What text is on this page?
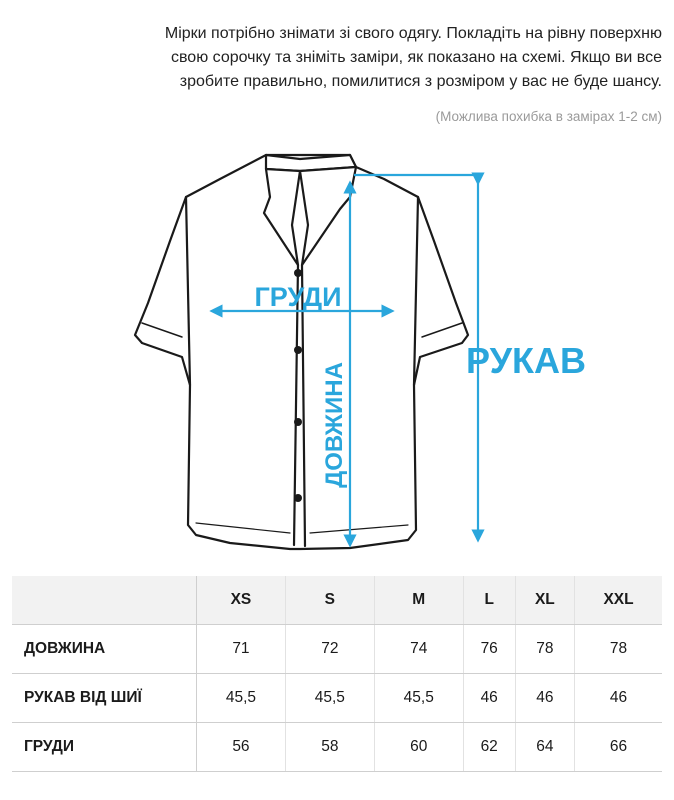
Мірки потрібно знімати зі свого одягу. Покладіть на рівну поверхню
свою сорочку та зніміть заміри, як показано на схемі. Якщо ви все
зробите правильно, помилитися з розміром у вас не буде шансу.
(Можлива похибка в замірах 1-2 см)
ГРУДИ
ДОВЖИНА
РУКАВ
	XS	S	M	L	XL	XXL
ДОВЖИНА	71	72	74	76	78	78
РУКАВ ВІД ШИЇ	45,5	45,5	45,5	46	46	46
ГРУДИ	56	58	60	62	64	66
